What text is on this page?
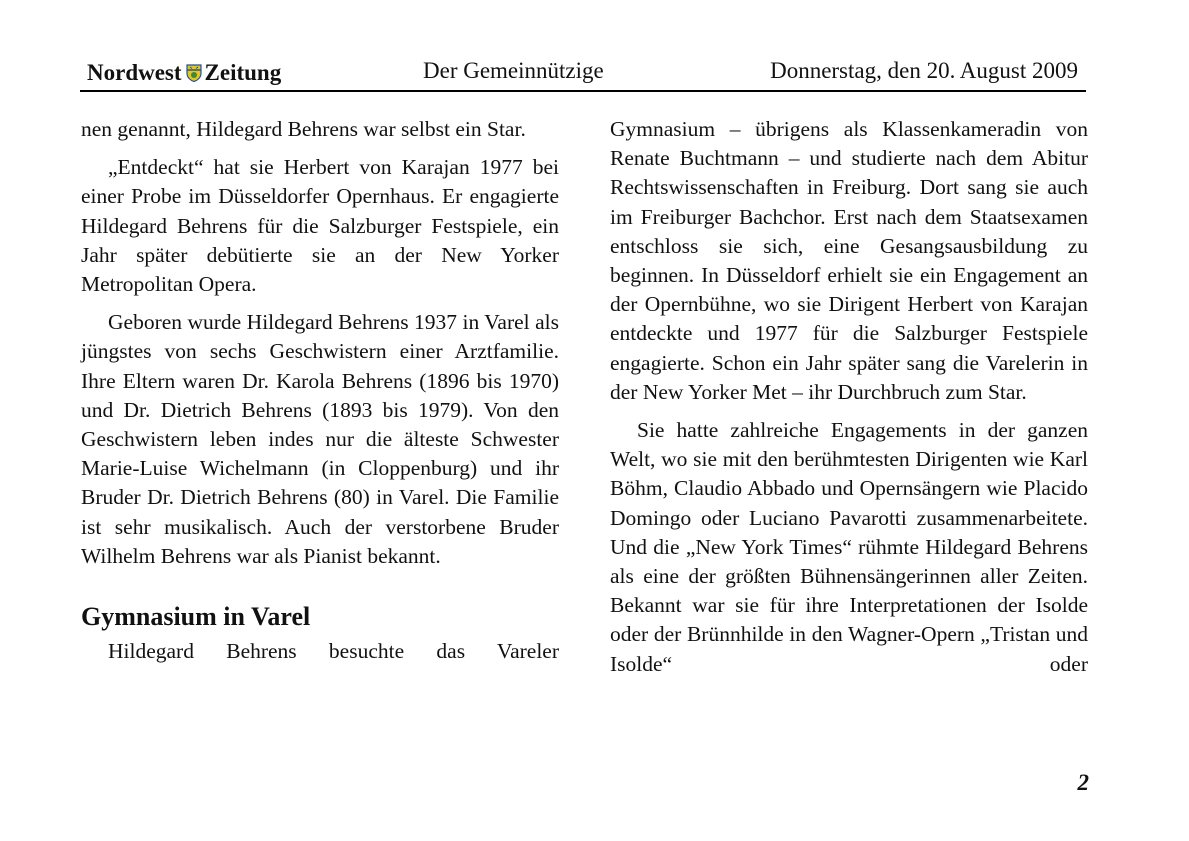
Nordwest Zeitung	Der Gemeinnützige	Donnerstag, den 20. August 2009

nen genannt, Hildegard Behrens war selbst ein Star.

„Entdeckt“ hat sie Herbert von Karajan 1977 bei einer Probe im Düsseldorfer Opernhaus. Er engagierte Hildegard Behrens für die Salzburger Festspiele, ein Jahr später debütierte sie an der New Yorker Metropolitan Opera.

Geboren wurde Hildegard Behrens 1937 in Varel als jüngstes von sechs Geschwistern einer Arztfamilie. Ihre Eltern waren Dr. Karola Behrens (1896 bis 1970) und Dr. Dietrich Behrens (1893 bis 1979). Von den Geschwistern leben indes nur die älteste Schwester Marie-Luise Wichelmann (in Cloppenburg) und ihr Bruder Dr. Dietrich Behrens (80) in Varel. Die Familie ist sehr musikalisch. Auch der verstorbene Bruder Wilhelm Behrens war als Pianist bekannt.

Gymnasium in Varel

Hildegard Behrens besuchte das Vareler

Gymnasium – übrigens als Klassenkameradin von Renate Buchtmann – und studierte nach dem Abitur Rechtswissenschaften in Freiburg. Dort sang sie auch im Freiburger Bachchor. Erst nach dem Staatsexamen entschloss sie sich, eine Gesangsausbildung zu beginnen. In Düsseldorf erhielt sie ein Engagement an der Opernbühne, wo sie Dirigent Herbert von Karajan entdeckte und 1977 für die Salzburger Festspiele engagierte. Schon ein Jahr später sang die Varelerin in der New Yorker Met – ihr Durchbruch zum Star.

Sie hatte zahlreiche Engagements in der ganzen Welt, wo sie mit den berühmtesten Dirigenten wie Karl Böhm, Claudio Abbado und Opernsängern wie Placido Domingo oder Luciano Pavarotti zusammenarbeitete. Und die „New York Times“ rühmte Hildegard Behrens als eine der größten Bühnensängerinnen aller Zeiten. Bekannt war sie für ihre Interpretationen der Isolde oder der Brünnhilde in den Wagner-Opern „Tristan und Isolde“ oder

2
